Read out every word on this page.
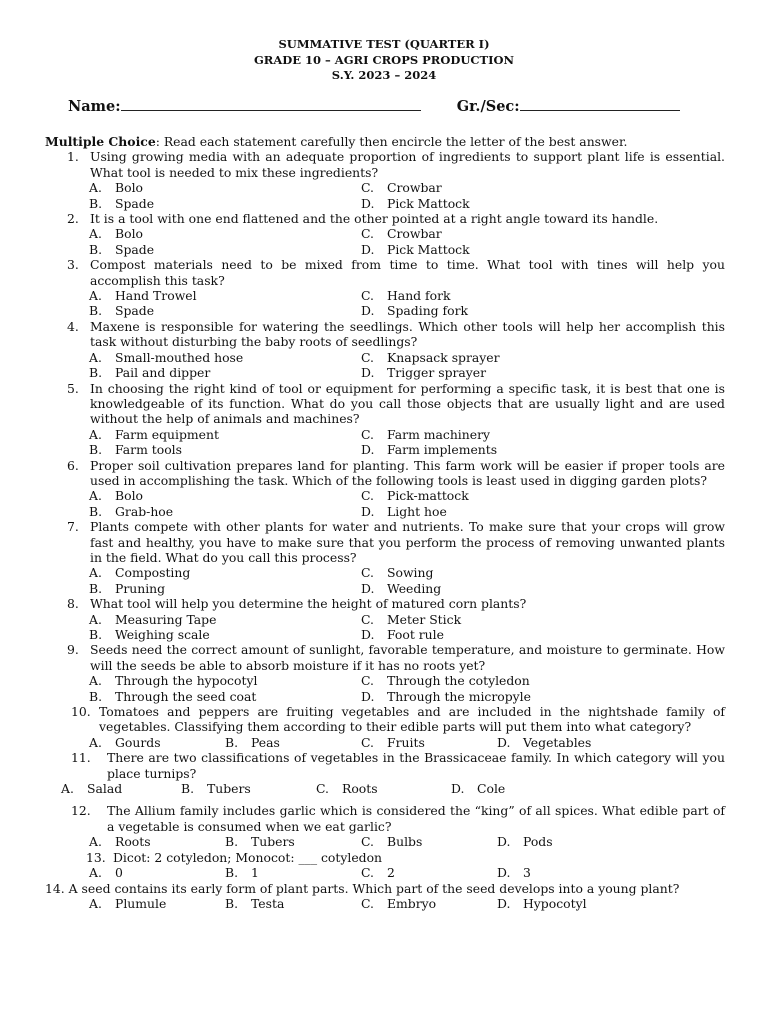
SUMMATIVE TEST (QUARTER I)
GRADE 10 – AGRI CROPS PRODUCTION
S.Y. 2023 – 2024
Name:	Gr./Sec:

Multiple Choice: Read each statement carefully then encircle the letter of the best answer.

1. Using growing media with an adequate proportion of ingredients to support plant life is essential. What tool is needed to mix these ingredients?
A. Bolo	C. Crowbar
B. Spade	D. Pick Mattock
2. It is a tool with one end flattened and the other pointed at a right angle toward its handle.
A. Bolo	C. Crowbar
B. Spade	D. Pick Mattock
3. Compost materials need to be mixed from time to time. What tool with tines will help you accomplish this task?
A. Hand Trowel	C. Hand fork
B. Spade	D. Spading fork
4. Maxene is responsible for watering the seedlings. Which other tools will help her accomplish this task without disturbing the baby roots of seedlings?
A. Small-mouthed hose	C. Knapsack sprayer
B. Pail and dipper	D. Trigger sprayer
5. In choosing the right kind of tool or equipment for performing a specific task, it is best that one is knowledgeable of its function. What do you call those objects that are usually light and are used without the help of animals and machines?
A. Farm equipment	C. Farm machinery
B. Farm tools	D. Farm implements
6. Proper soil cultivation prepares land for planting. This farm work will be easier if proper tools are used in accomplishing the task. Which of the following tools is least used in digging garden plots?
A. Bolo	C. Pick-mattock
B. Grab-hoe	D. Light hoe
7. Plants compete with other plants for water and nutrients. To make sure that your crops will grow fast and healthy, you have to make sure that you perform the process of removing unwanted plants in the field. What do you call this process?
A. Composting	C. Sowing
B. Pruning	D. Weeding
8. What tool will help you determine the height of matured corn plants?
A. Measuring Tape	C. Meter Stick
B. Weighing scale	D. Foot rule
9. Seeds need the correct amount of sunlight, favorable temperature, and moisture to germinate. How will the seeds be able to absorb moisture if it has no roots yet?
A. Through the hypocotyl	C. Through the cotyledon
B. Through the seed coat	D. Through the micropyle
10. Tomatoes and peppers are fruiting vegetables and are included in the nightshade family of vegetables. Classifying them according to their edible parts will put them into what category?
A. Gourds	B. Peas	C. Fruits	D. Vegetables
11. There are two classifications of vegetables in the Brassicaceae family. In which category will you place turnips?
A. Salad	B. Tubers	C. Roots	D. Cole
12. The Allium family includes garlic which is considered the “king” of all spices. What edible part of a vegetable is consumed when we eat garlic?
A. Roots	B. Tubers	C. Bulbs	D. Pods
13. Dicot: 2 cotyledon; Monocot: ___ cotyledon
A. 0	B. 1	C. 2	D. 3
14. A seed contains its early form of plant parts. Which part of the seed develops into a young plant?
A. Plumule	B. Testa	C. Embryo	D. Hypocotyl
